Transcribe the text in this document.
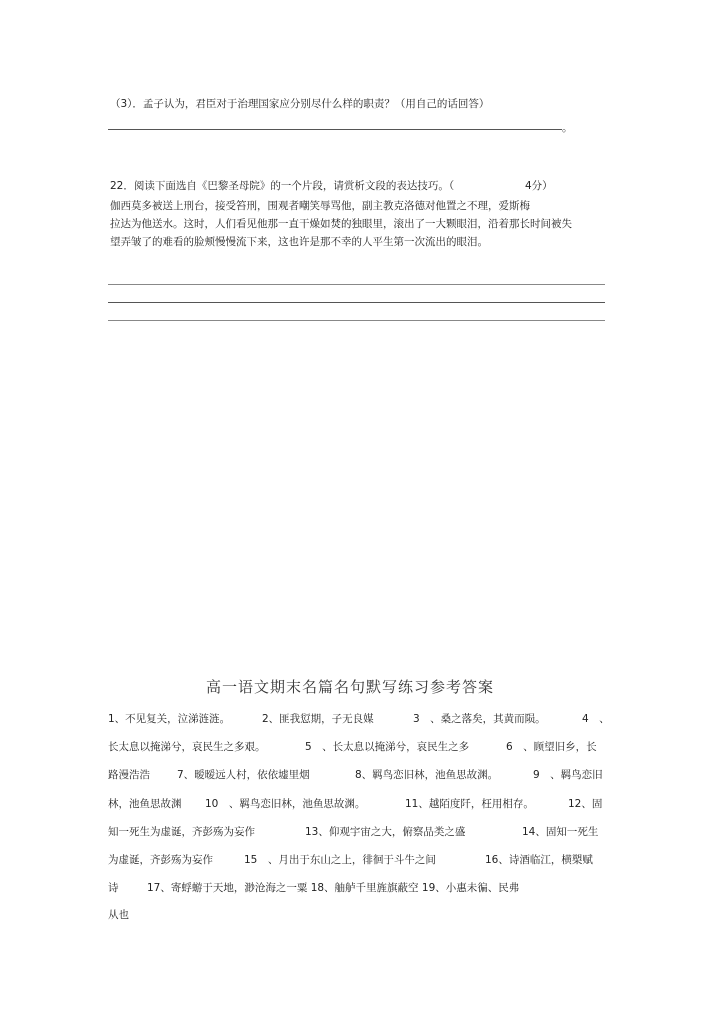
（3）．孟子认为，君臣对于治理国家应分别尽什么样的职责？（用自己的话回答）
。
22．阅读下面选自《巴黎圣母院》的一个片段，请赏析文段的表达技巧。（	4分）
伽西莫多被送上刑台，接受笞刑，围观者嘲笑辱骂他，副主教克洛德对他置之不理，爱斯梅
拉达为他送水。这时，人们看见他那一直干燥如焚的独眼里，滚出了一大颗眼泪，沿着那长时间被失
望弄皱了的难看的脸颊慢慢流下来，这也许是那不幸的人平生第一次流出的眼泪。
高一语文期末名篇名句默写练习参考答案
1、不见复关，泣涕涟涟。	2、匪我愆期，子无良媒	3　、桑之落矣，其黄而陨。	4　、
长太息以掩涕兮，哀民生之多艰。	5　、长太息以掩涕兮，哀民生之多	6　、顾望旧乡，长
路漫浩浩	7、暧暧远人村，依依墟里烟	8、羁鸟恋旧林，池鱼思故渊。	9　、羁鸟恋旧
林，池鱼思故渊 10　、羁鸟恋旧林，池鱼思故渊。	11、越陌度阡，枉用相存。	12、固
知一死生为虚诞，齐彭殇为妄作	13、仰观宇宙之大，俯察品类之盛	14、固知一死生
为虚诞，齐彭殇为妄作	15　、月出于东山之上，徘徊于斗牛之间	16、诗酒临江，横槊赋
诗	17、寄蜉蝣于天地，渺沧海之一粟 18、舳舻千里旌旗蔽空 19、小惠未徧、民弗
从也
